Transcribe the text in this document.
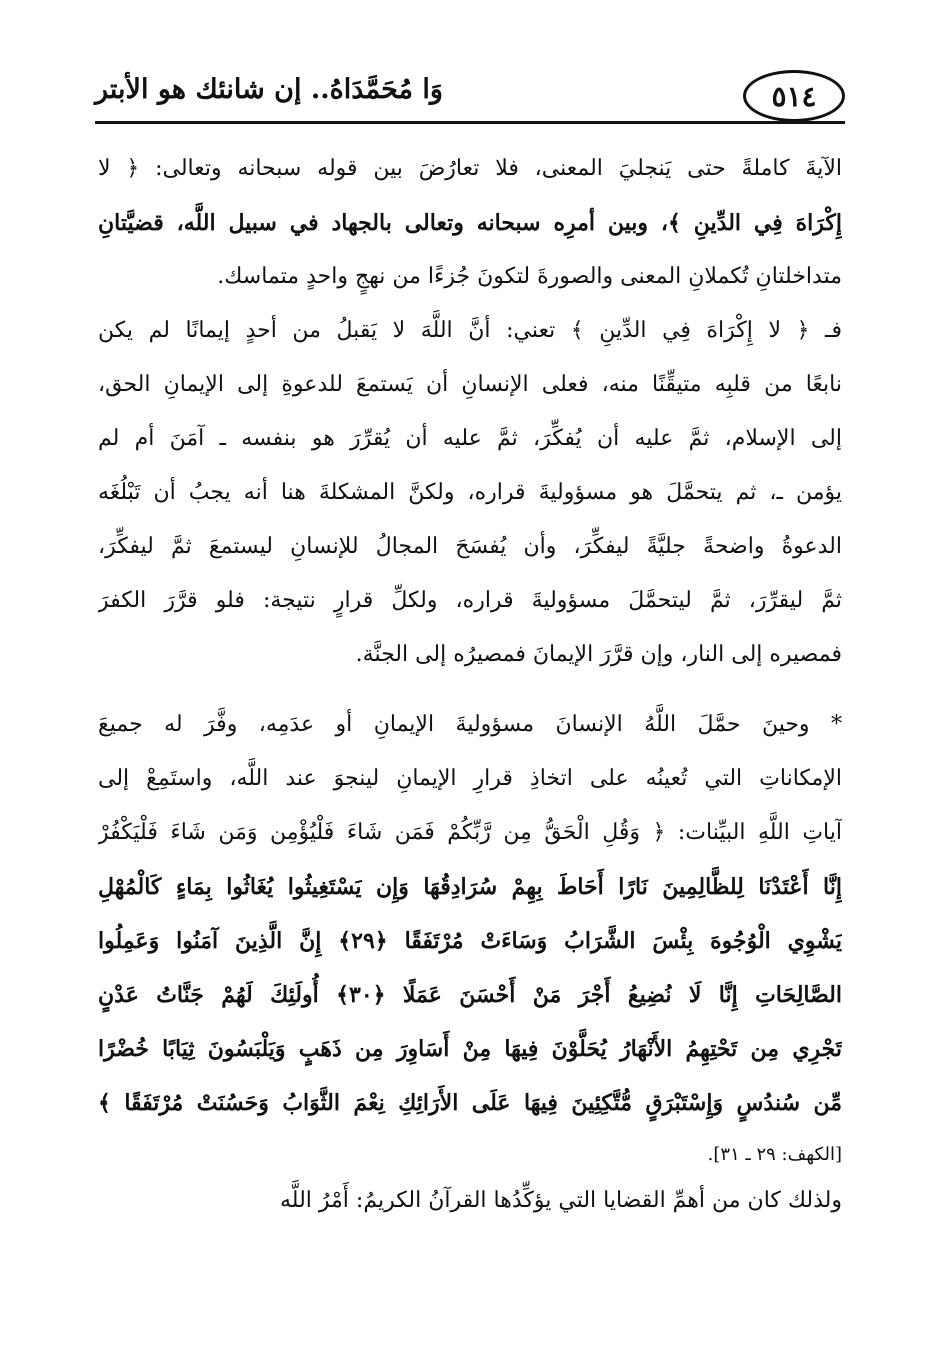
٥١٤
وَا مُحَمَّدَاهُ.. إن شانئك هو الأبتر
الآيةَ كاملةً حتى يَنجليَ المعنى، فلا تعارُضَ بين قوله سبحانه وتعالى: ﴿ لا
إِكْرَاهَ فِي الدِّينِ ﴾، وبين أمرِه سبحانه وتعالى بالجهاد في سبيل اللَّه، قضيَّتانِ
متداخلتانِ تُكملانِ المعنى والصورةَ لتكونَ جُزءًا من نهجٍ واحدٍ متماسك.
فـ ﴿ لا إِكْرَاهَ فِي الدِّينِ ﴾ تعني: أنَّ اللَّهَ لا يَقبلُ من أحدٍ إيمانًا لم يكن
نابعًا من قلبِه متيقِّنًا منه، فعلى الإنسانِ أن يَستمعَ للدعوةِ إلى الإيمانِ الحق،
إلى الإسلام، ثمَّ عليه أن يُفكِّرَ، ثمَّ عليه أن يُقرِّرَ هو بنفسه ـ آمَنَ أم لم
يؤمن ـ، ثم يتحمَّلَ هو مسؤوليةَ قراره، ولكنَّ المشكلةَ هنا أنه يجبُ أن تَبْلُغَه
الدعوةُ واضحةً جليَّةً ليفكِّرَ، وأن يُفسَحَ المجالُ للإنسانِ ليستمعَ ثمَّ ليفكِّرَ،
ثمَّ ليقرِّرَ، ثمَّ ليتحمَّلَ مسؤوليةَ قراره، ولكلِّ قرارٍ نتيجة: فلو قرَّرَ الكفرَ
فمصيره إلى النار، وإن قرَّرَ الإيمانَ فمصيرُه إلى الجنَّة.
* وحينَ حمَّلَ اللَّهُ الإنسانَ مسؤوليةَ الإيمانِ أو عدَمِه، وفَّرَ له جميعَ
الإمكاناتِ التي تُعينُه على اتخاذِ قرارِ الإيمانِ لينجوَ عند اللَّه، واستَمِعْ إلى
آياتِ اللَّهِ البيِّنات: ﴿ وَقُلِ الْحَقُّ مِن رَّبِّكُمْ فَمَن شَاءَ فَلْيُؤْمِن وَمَن شَاءَ فَلْيَكْفُرْ
إِنَّا أَعْتَدْنَا لِلظَّالِمِينَ نَارًا أَحَاطَ بِهِمْ سُرَادِقُهَا وَإِن يَسْتَغِيثُوا يُغَاثُوا بِمَاءٍ كَالْمُهْلِ
يَشْوِي الْوُجُوهَ بِئْسَ الشَّرَابُ وَسَاءَتْ مُرْتَفَقًا ﴿٢٩﴾ إِنَّ الَّذِينَ آمَنُوا وَعَمِلُوا
الصَّالِحَاتِ إِنَّا لَا نُضِيعُ أَجْرَ مَنْ أَحْسَنَ عَمَلًا ﴿٣٠﴾ أُولَئِكَ لَهُمْ جَنَّاتُ عَدْنٍ
تَجْرِي مِن تَحْتِهِمُ الأَنْهَارُ يُحَلَّوْنَ فِيهَا مِنْ أَسَاوِرَ مِن ذَهَبٍ وَيَلْبَسُونَ ثِيَابًا خُضْرًا
مِّن سُندُسٍ وَإِسْتَبْرَقٍ مُّتَّكِئِينَ فِيهَا عَلَى الأَرَائِكِ نِعْمَ الثَّوَابُ وَحَسُنَتْ مُرْتَفَقًا ﴾
[الكهف: ٢٩ ـ ٣١].
ولذلك كان من أهمِّ القضايا التي يؤكِّدُها القرآنُ الكريمُ: أَمْرُ اللَّه
